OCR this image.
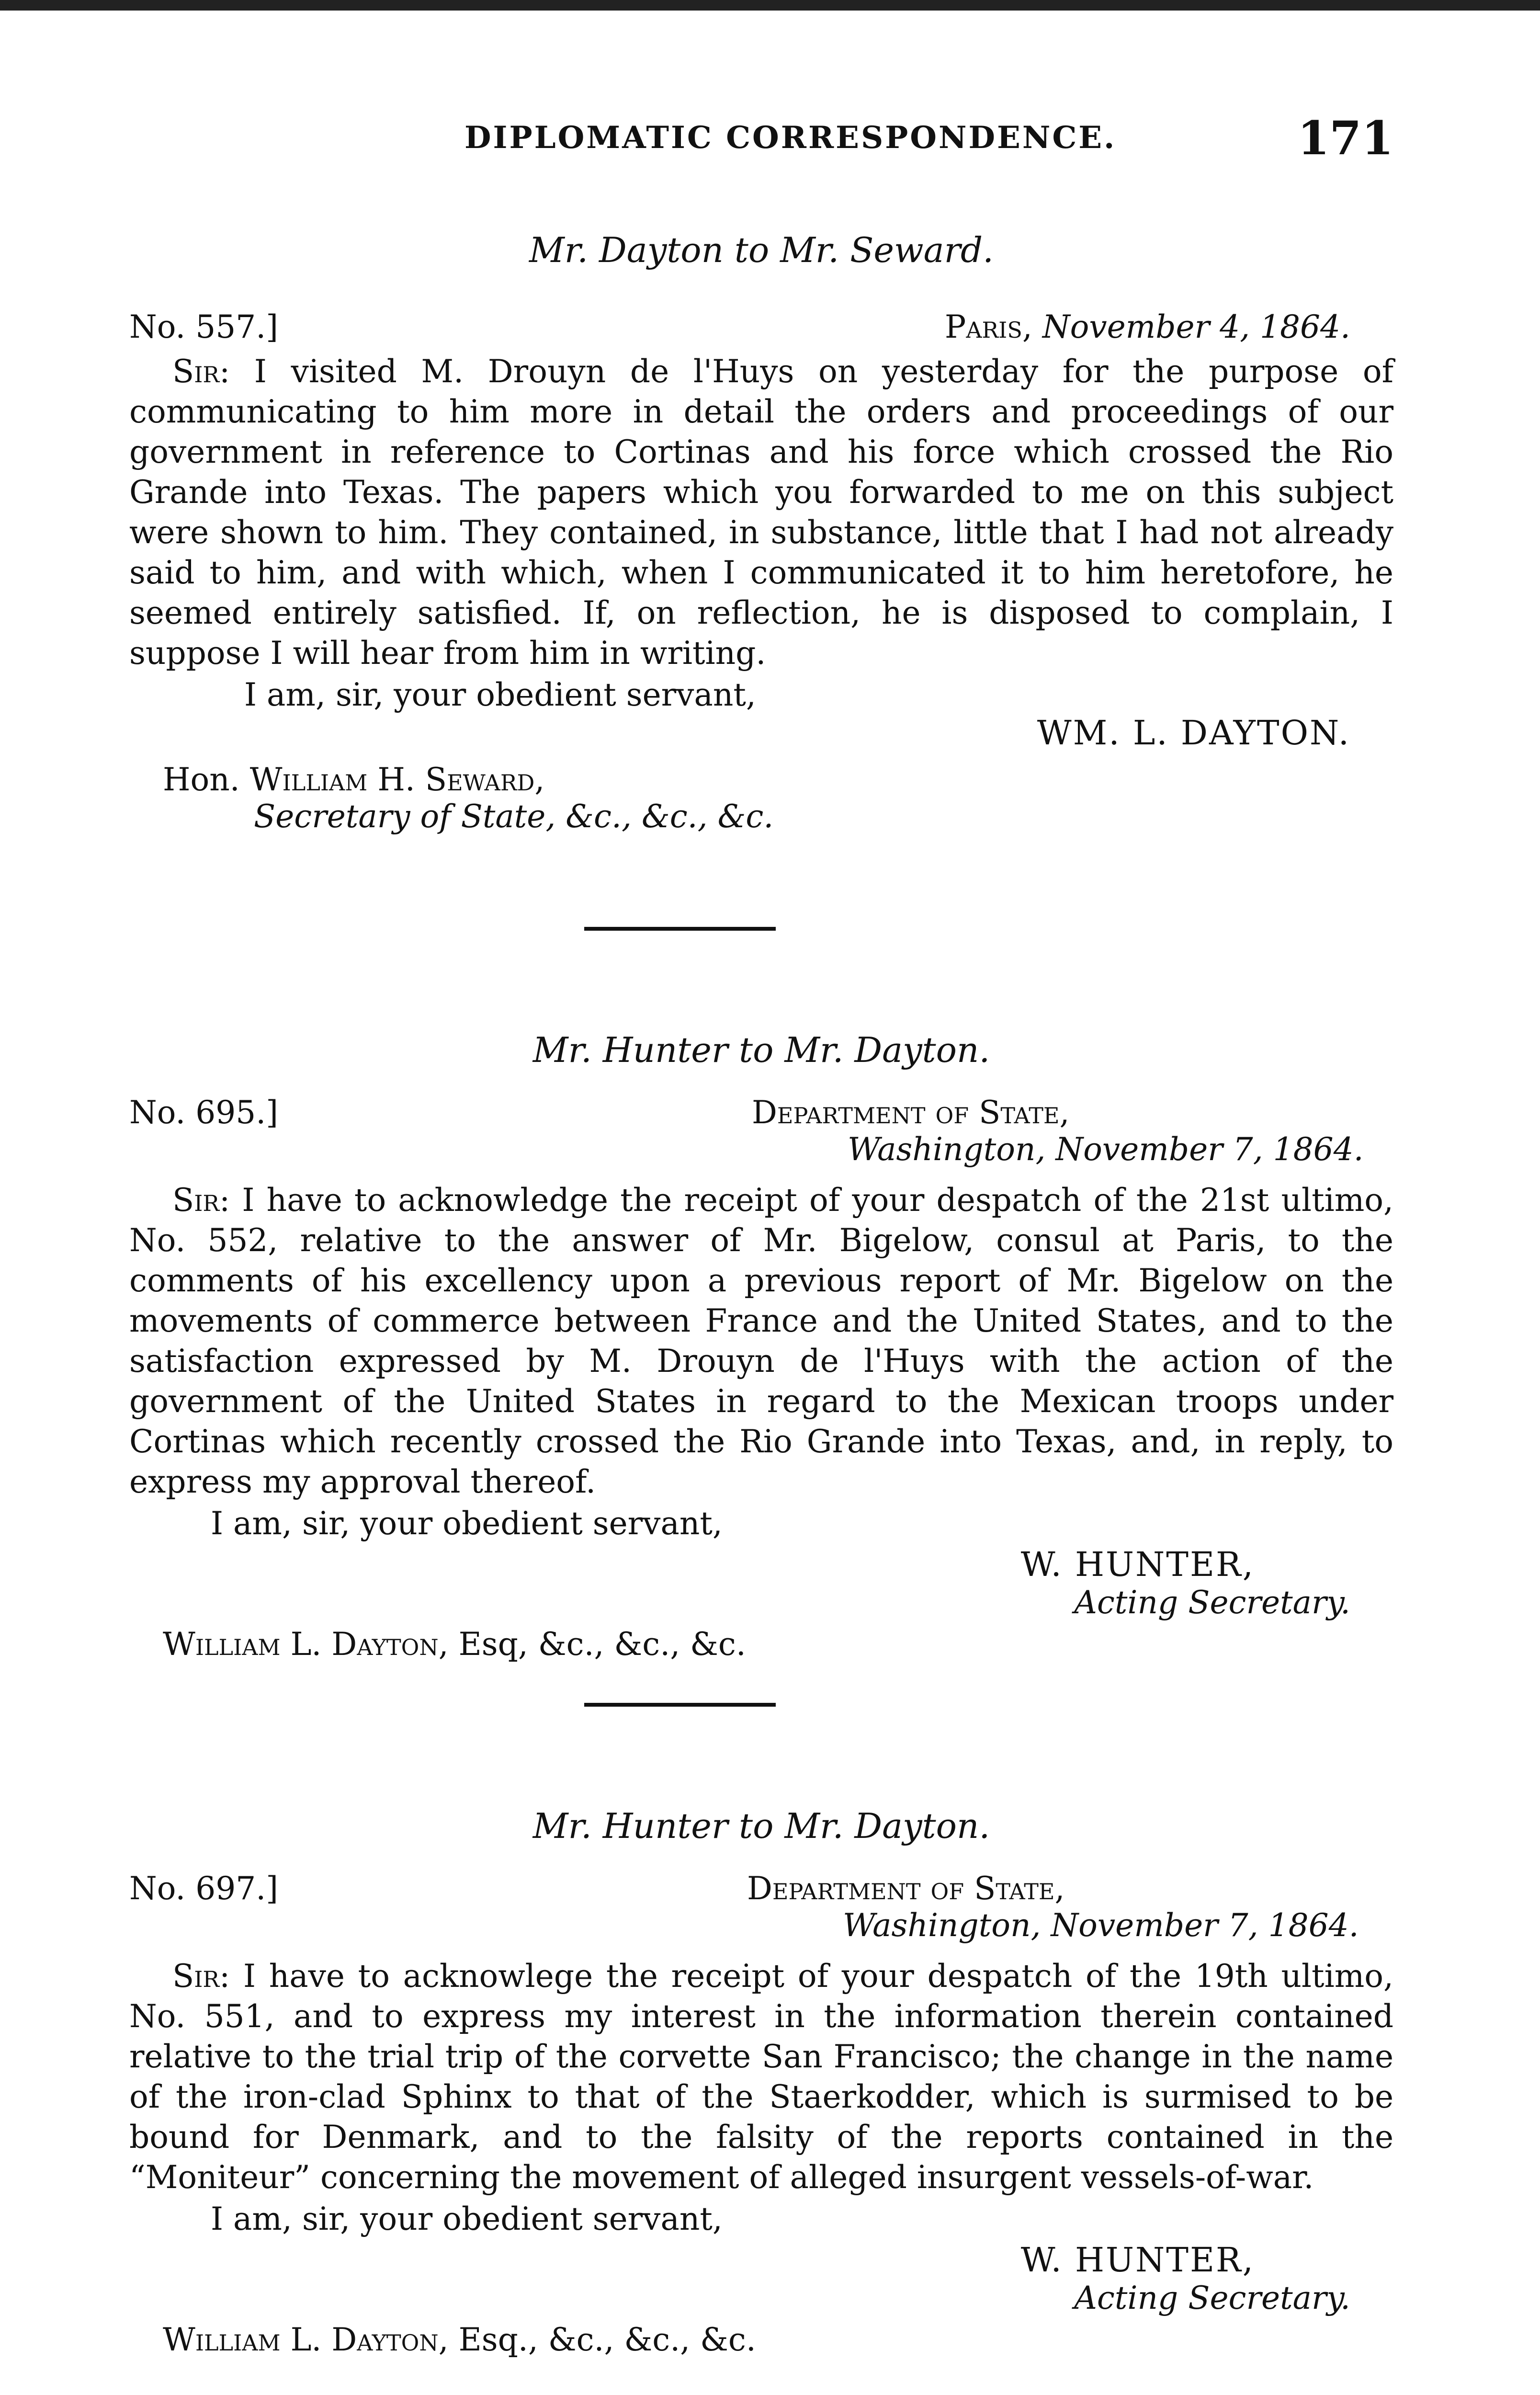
DIPLOMATIC CORRESPONDENCE.	171
Mr. Dayton to Mr. Seward.
No. 557.]	Paris, November 4, 1864.

Sir: I visited M. Drouyn de l'Huys on yesterday for the purpose of communicating to him more in detail the orders and proceedings of our government in reference to Cortinas and his force which crossed the Rio Grande into Texas. The papers which you forwarded to me on this subject were shown to him. They contained, in substance, little that I had not already said to him, and with which, when I communicated it to him heretofore, he seemed entirely satisfied. If, on reflection, he is disposed to complain, I suppose I will hear from him in writing.

I am, sir, your obedient servant,
WM. L. DAYTON.
Hon. William H. Seward,
Secretary of State, &c., &c., &c.
Mr. Hunter to Mr. Dayton.
No. 695.]	Department of State,
Washington, November 7, 1864.

Sir: I have to acknowledge the receipt of your despatch of the 21st ultimo, No. 552, relative to the answer of Mr. Bigelow, consul at Paris, to the comments of his excellency upon a previous report of Mr. Bigelow on the movements of commerce between France and the United States, and to the satisfaction expressed by M. Drouyn de l'Huys with the action of the government of the United States in regard to the Mexican troops under Cortinas which recently crossed the Rio Grande into Texas, and, in reply, to express my approval thereof.

I am, sir, your obedient servant,
W. HUNTER,
Acting Secretary.
William L. Dayton, Esq, &c., &c., &c.
Mr. Hunter to Mr. Dayton.
No. 697.]	Department of State,
Washington, November 7, 1864.

Sir: I have to acknowlege the receipt of your despatch of the 19th ultimo, No. 551, and to express my interest in the information therein contained relative to the trial trip of the corvette San Francisco; the change in the name of the iron-clad Sphinx to that of the Staerkodder, which is surmised to be bound for Denmark, and to the falsity of the reports contained in the “Moniteur” concerning the movement of alleged insurgent vessels-of-war.

I am, sir, your obedient servant,
W. HUNTER,
Acting Secretary.
William L. Dayton, Esq., &c., &c., &c.
